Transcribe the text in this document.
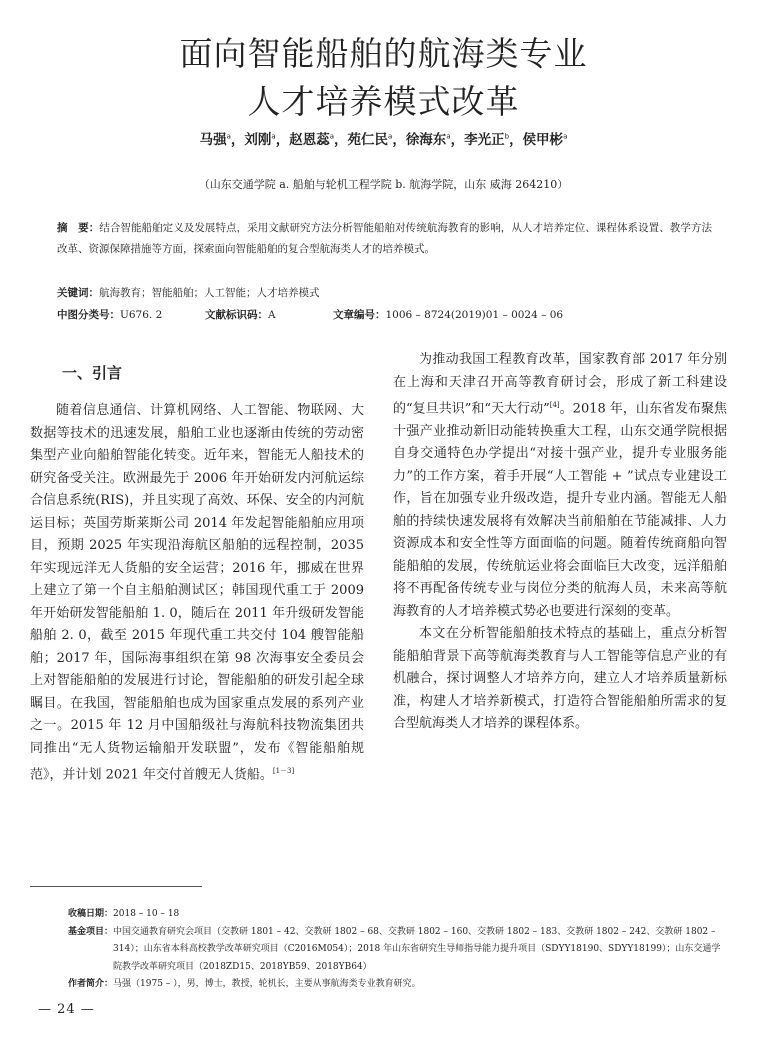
面向智能船舶的航海类专业
人才培养模式改革
马强$^a$，刘刚$^a$，赵恩蕊$^a$，苑仁民$^a$，徐海东$^a$，李光正$^b$，侯甲彬$^a$
（山东交通学院 a. 船舶与轮机工程学院 b. 航海学院，山东 威海 264210）
摘　要：结合智能船舶定义及发展特点，采用文献研究方法分析智能船舶对传统航海教育的影响，从人才培养定位、课程体系设置、教学方法改革、资源保障措施等方面，探索面向智能船舶的复合型航海类人才的培养模式。
关键词：航海教育；智能船舶；人工智能；人才培养模式
中图分类号：U676. 2	文献标识码：A	文章编号：1006 – 8724(2019)01 – 0024 – 06
一、引言

随着信息通信、计算机网络、人工智能、物联网、大数据等技术的迅速发展，船舶工业也逐渐由传统的劳动密集型产业向船舶智能化转变。近年来，智能无人船技术的研究备受关注。欧洲最先于 2006 年开始研发内河航运综合信息系统(RIS)，并且实现了高效、环保、安全的内河航运目标；英国劳斯莱斯公司 2014 年发起智能船舶应用项目，预期 2025 年实现沿海航区船舶的远程控制，2035 年实现远洋无人货船的安全运营；2016 年，挪威在世界上建立了第一个自主船舶测试区；韩国现代重工于 2009 年开始研发智能船舶 1. 0，随后在 2011 年升级研发智能船舶 2. 0，截至 2015 年现代重工共交付 104 艘智能船舶；2017 年，国际海事组织在第 98 次海事安全委员会上对智能船舶的发展进行讨论，智能船舶的研发引起全球瞩目。在我国，智能船舶也成为国家重点发展的系列产业之一。2015 年 12 月中国船级社与海航科技物流集团共同推出“无人货物运输船开发联盟”，发布《智能船舶规范》，并计划 2021 年交付首艘无人货船。[1－3]

为推动我国工程教育改革，国家教育部 2017 年分别在上海和天津召开高等教育研讨会，形成了新工科建设的“复旦共识”和“天大行动”[4]。2018 年，山东省发布聚焦十强产业推动新旧动能转换重大工程，山东交通学院根据自身交通特色办学提出“对接十强产业，提升专业服务能力”的工作方案，着手开展“人工智能 + ”试点专业建设工作，旨在加强专业升级改造，提升专业内涵。智能无人船舶的持续快速发展将有效解决当前船舶在节能减排、人力资源成本和安全性等方面面临的问题。随着传统商船向智能船舶的发展，传统航运业将会面临巨大改变，远洋船舶将不再配备传统专业与岗位分类的航海人员，未来高等航海教育的人才培养模式势必也要进行深刻的变革。

本文在分析智能船舶技术特点的基础上，重点分析智能船舶背景下高等航海类教育与人工智能等信息产业的有机融合，探讨调整人才培养方向，建立人才培养质量新标准，构建人才培养新模式，打造符合智能船舶所需求的复合型航海类人才培养的课程体系。

收稿日期： 2018 – 10 – 18
基金项目： 中国交通教育研究会项目（交教研 1801 – 42、交教研 1802 – 68、交教研 1802 – 160、交教研 1802 – 183、交教研 1802 – 242、交教研 1802 – 314）；山东省本科高校教学改革研究项目（C2016M054）；2018 年山东省研究生导师指导能力提升项目（SDYY18190、SDYY18199）；山东交通学院教学改革研究项目（2018ZD15、2018YB59、2018YB64）
作者简介： 马强（1975 – ），男，博士，教授，轮机长，主要从事航海类专业教育研究。
— 24 —
